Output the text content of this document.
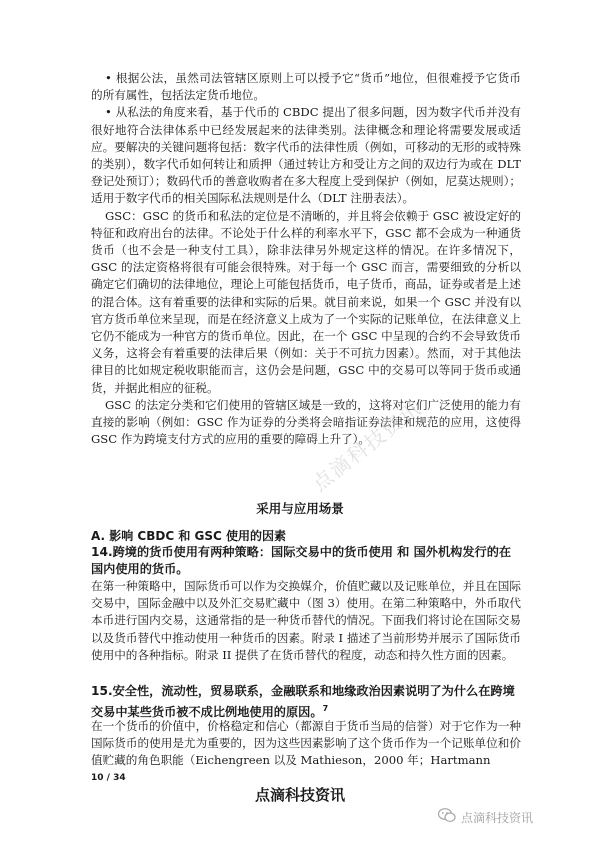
• 根据公法，虽然司法管辖区原则上可以授予它“货币”地位，但很难授予它货币的所有属性，包括法定货币地位。

• 从私法的角度来看，基于代币的 CBDC 提出了很多问题，因为数字代币并没有很好地符合法律体系中已经发展起来的法律类别。法律概念和理论将需要发展或适应。要解决的关键问题将包括：数字代币的法律性质（例如，可移动的无形的或特殊的类别），数字代币如何转让和质押（通过转让方和受让方之间的双边行为或在 DLT 登记处预订）；数码代币的善意收购者在多大程度上受到保护（例如，尼莫达规则）；适用于数字代币的相关国际私法规则是什么（DLT 注册表法）。

GSC：GSC 的货币和私法的定位是不清晰的，并且将会依赖于 GSC 被设定好的特征和政府出台的法律。不论处于什么样的利率水平下，GSC 都不会成为一种通货货币（也不会是一种支付工具），除非法律另外规定这样的情况。在许多情况下，GSC 的法定资格将很有可能会很特殊。对于每一个 GSC 而言，需要细致的分析以确定它们确切的法律地位，理论上可能包括货币，电子货币，商品，证券或者是上述的混合体。这有着重要的法律和实际的后果。就目前来说，如果一个 GSC 并没有以官方货币单位来呈现，而是在经济意义上成为了一个实际的记账单位，在法律意义上它仍不能成为一种官方的货币单位。因此，在一个 GSC 中呈现的合约不会导致货币义务，这将会有着重要的法律后果（例如：关于不可抗力因素）。然而，对于其他法律目的比如规定税收职能而言，这仍会是问题，GSC 中的交易可以等同于货币或通货，并据此相应的征税。

GSC 的法定分类和它们使用的管辖区域是一致的，这将对它们广泛使用的能力有直接的影响（例如：GSC 作为证券的分类将会暗指证券法律和规范的应用，这使得 GSC 作为跨境支付方式的应用的重要的障碍上升了）。

点滴科技资讯
采用与应用场景
A. 影响 CBDC 和 GSC 使用的因素
14.跨境的货币使用有两种策略：国际交易中的货币使用 和 国外机构发行的在国内使用的货币。
在第一种策略中，国际货币可以作为交换媒介，价值贮藏以及记账单位，并且在国际交易中，国际金融中以及外汇交易贮藏中（图 3）使用。在第二种策略中，外币取代本币进行国内交易，这通常指的是一种货币替代的情况。下面我们将讨论在国际交易以及货币替代中推动使用一种货币的因素。附录 I 描述了当前形势并展示了国际货币使用中的各种指标。附录 II 提供了在货币替代的程度，动态和持久性方面的因素。
15.安全性，流动性，贸易联系，金融联系和地缘政治因素说明了为什么在跨境交易中某些货币被不成比例地使用的原因。$^7$
在一个货币的价值中，价格稳定和信心（都源自于货币当局的信誉）对于它作为一种国际货币的使用是尤为重要的，因为这些因素影响了这个货币作为一个记账单位和价值贮藏的角色职能（Eichengreen 以及 Mathieson，2000 年；Hartmann
10 / 34
点滴科技资讯
点滴科技资讯
